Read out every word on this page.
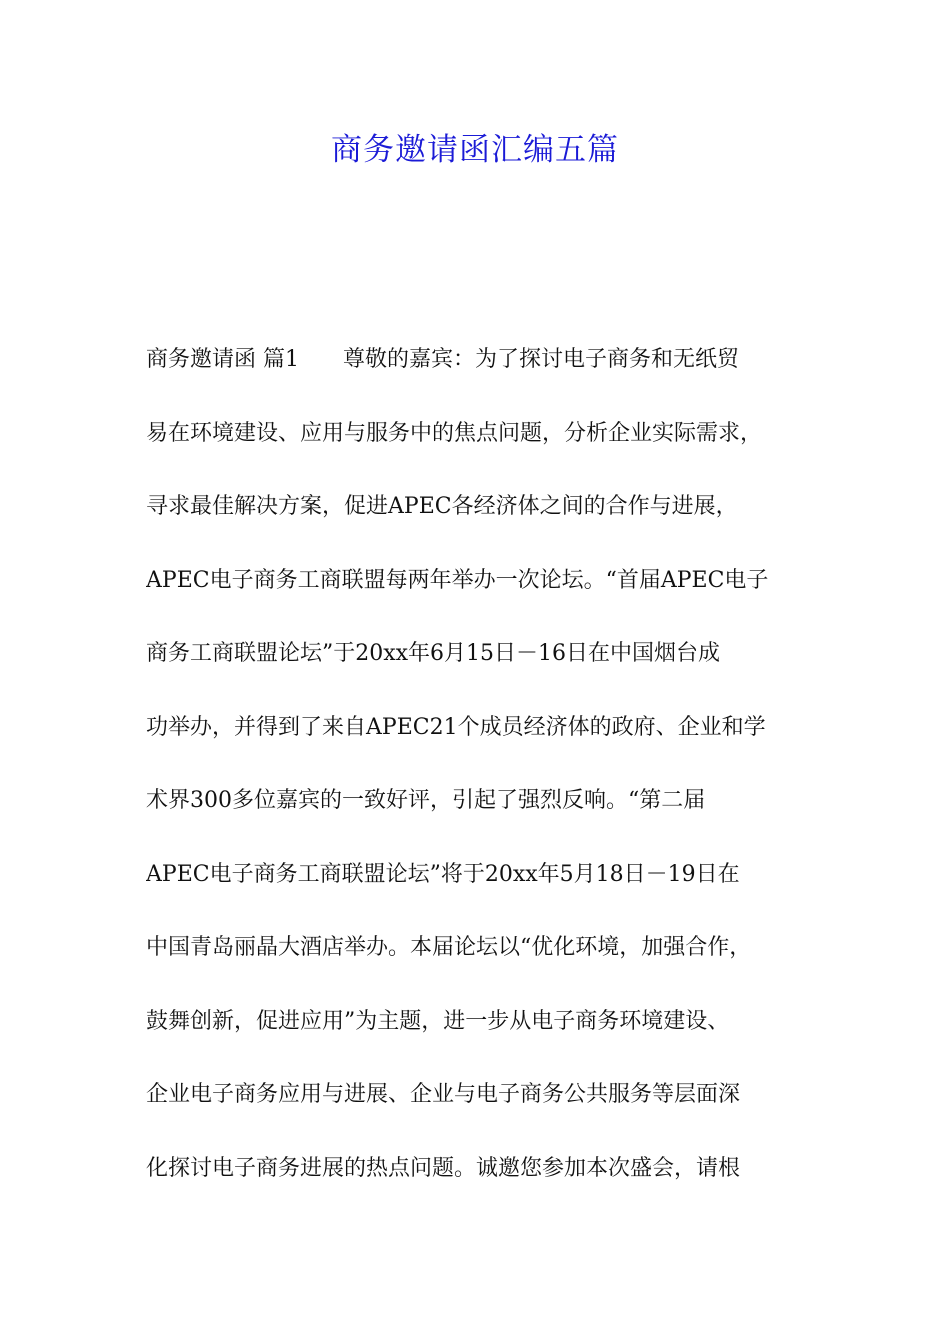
商务邀请函汇编五篇
商务邀请函 篇1　　尊敬的嘉宾：为了探讨电子商务和无纸贸
易在环境建设、应用与服务中的焦点问题，分析企业实际需求，
寻求最佳解决方案，促进APEC各经济体之间的合作与进展，
APEC电子商务工商联盟每两年举办一次论坛。“首届APEC电子
商务工商联盟论坛”于20xx年6月15日－16日在中国烟台成
功举办，并得到了来自APEC21个成员经济体的政府、企业和学
术界300多位嘉宾的一致好评，引起了强烈反响。“第二届
APEC电子商务工商联盟论坛”将于20xx年5月18日－19日在
中国青岛丽晶大酒店举办。本届论坛以“优化环境，加强合作，
鼓舞创新，促进应用”为主题，进一步从电子商务环境建设、
企业电子商务应用与进展、企业与电子商务公共服务等层面深
化探讨电子商务进展的热点问题。诚邀您参加本次盛会，请根
